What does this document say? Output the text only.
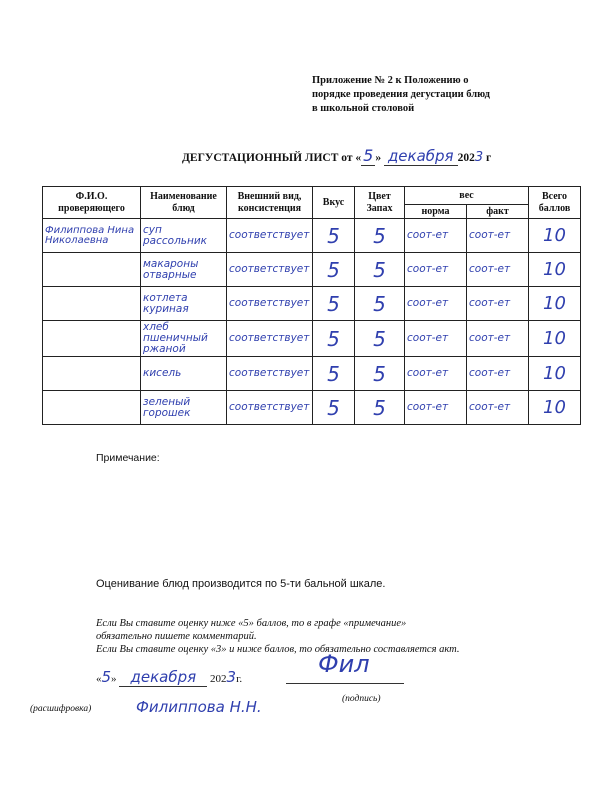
Приложение № 2 к Положению о
порядке проведения дегустации блюд
в школьной столовой
ДЕГУСТАЦИОННЫЙ ЛИСТ от « 5 » декабря 2023 г
Ф.И.О. проверяющего	Наименование блюд	Внешний вид, консистенция	Вкус	Цвет Запах	вес		Всего баллов
					норма	факт	

Филиппова Нина Николаевна	суп рассольник	соответствует	5	5	соот-ет	соот-ет	10

	макароны отварные	соответствует	5	5	соот-ет	соот-ет	10

	котлета куриная	соответствует	5	5	соот-ет	соот-ет	10

	хлеб пшеничный ржаной	соответствует	5	5	соот-ет	соот-ет	10

	кисель	соответствует	5	5	соот-ет	соот-ет	10

	зеленый горошек	соответствует	5	5	соот-ет	соот-ет	10
Примечание:
Оценивание блюд производится по 5-ти бальной шкале.
Если Вы ставите оценку ниже «5» баллов, то в графе «примечание»
обязательно пишете комментарий.
Если Вы ставите оценку «3» и ниже баллов, то обязательно составляется акт.
«5» декабря 2023г.
Фил
(подпись)
(расшифровка)	Филиппова Н.Н.
